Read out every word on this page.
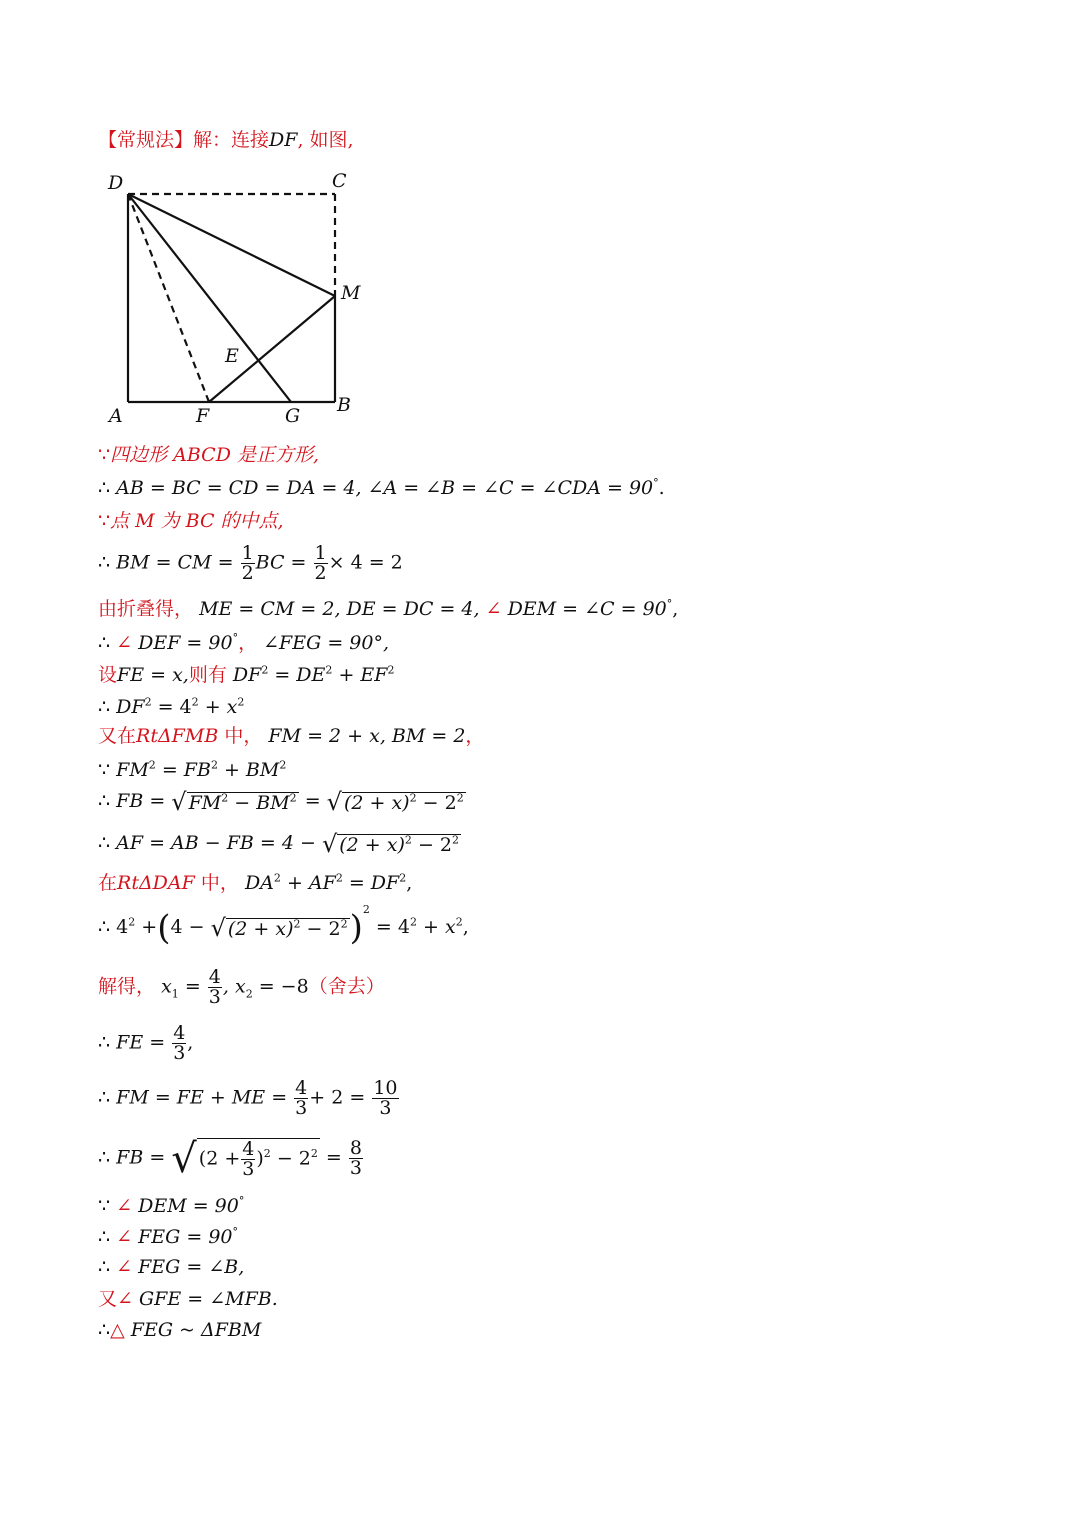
【常规法】解：连接DF, 如图,
D	C
M
E
A	F	G B
∵四边形 ABCD 是正方形,
∴ AB = BC = CD = DA = 4, ∠A = ∠B = ∠C = ∠CDA = 90°.
∵点 M 为 BC 的中点,
∴ BM = CM = $\frac{1}{2}$ BC = $\frac{1}{2} \times 4 = 2$
由折叠得， ME = CM = 2, DE = DC = 4, ∠ DEM = ∠C = 90°,
∴ ∠ DEF = 90°， ∠FEG = 90°,
设FE = x,则有 $DF^2 = DE^2 + EF^2$
∴ $DF^2 = 4^2 + x^2$
又在RtΔFMB 中， FM = 2 + x, BM = 2，
∵ $FM^2 = FB^2 + BM^2$
∴ FB = √ $FM^2 - BM^2$ = √ $(2 + x)^2 - 2^2$
∴ AF = AB − FB = 4 − √ $(2 + x)^2 - 2^2$
在RtΔDAF 中， $DA^2 + AF^2 = DF^2$,
∴ $4^2 +(4$ − √ $(2 + x)^2 - 2^2)^2 = 4^2 + x^2$,
解得， $x_1 = \frac{4}{3}$ , $x_2 = -8$（舍去）
∴ FE = $\frac{4}{3}$ ,
∴ FM = FE + ME = $\frac{4}{3} + 2 = \frac{10}{3}$
∴ FB = √ $(2 + \frac{4}{3} )^2 - 2^2 = \frac{8}{3}$
∵ ∠ DEM = 90°
∴ ∠ FEG = 90°
∴ ∠ FEG = ∠B,
又∠ GFE = ∠MFB.
∴△ FEG ~ ΔFBM
